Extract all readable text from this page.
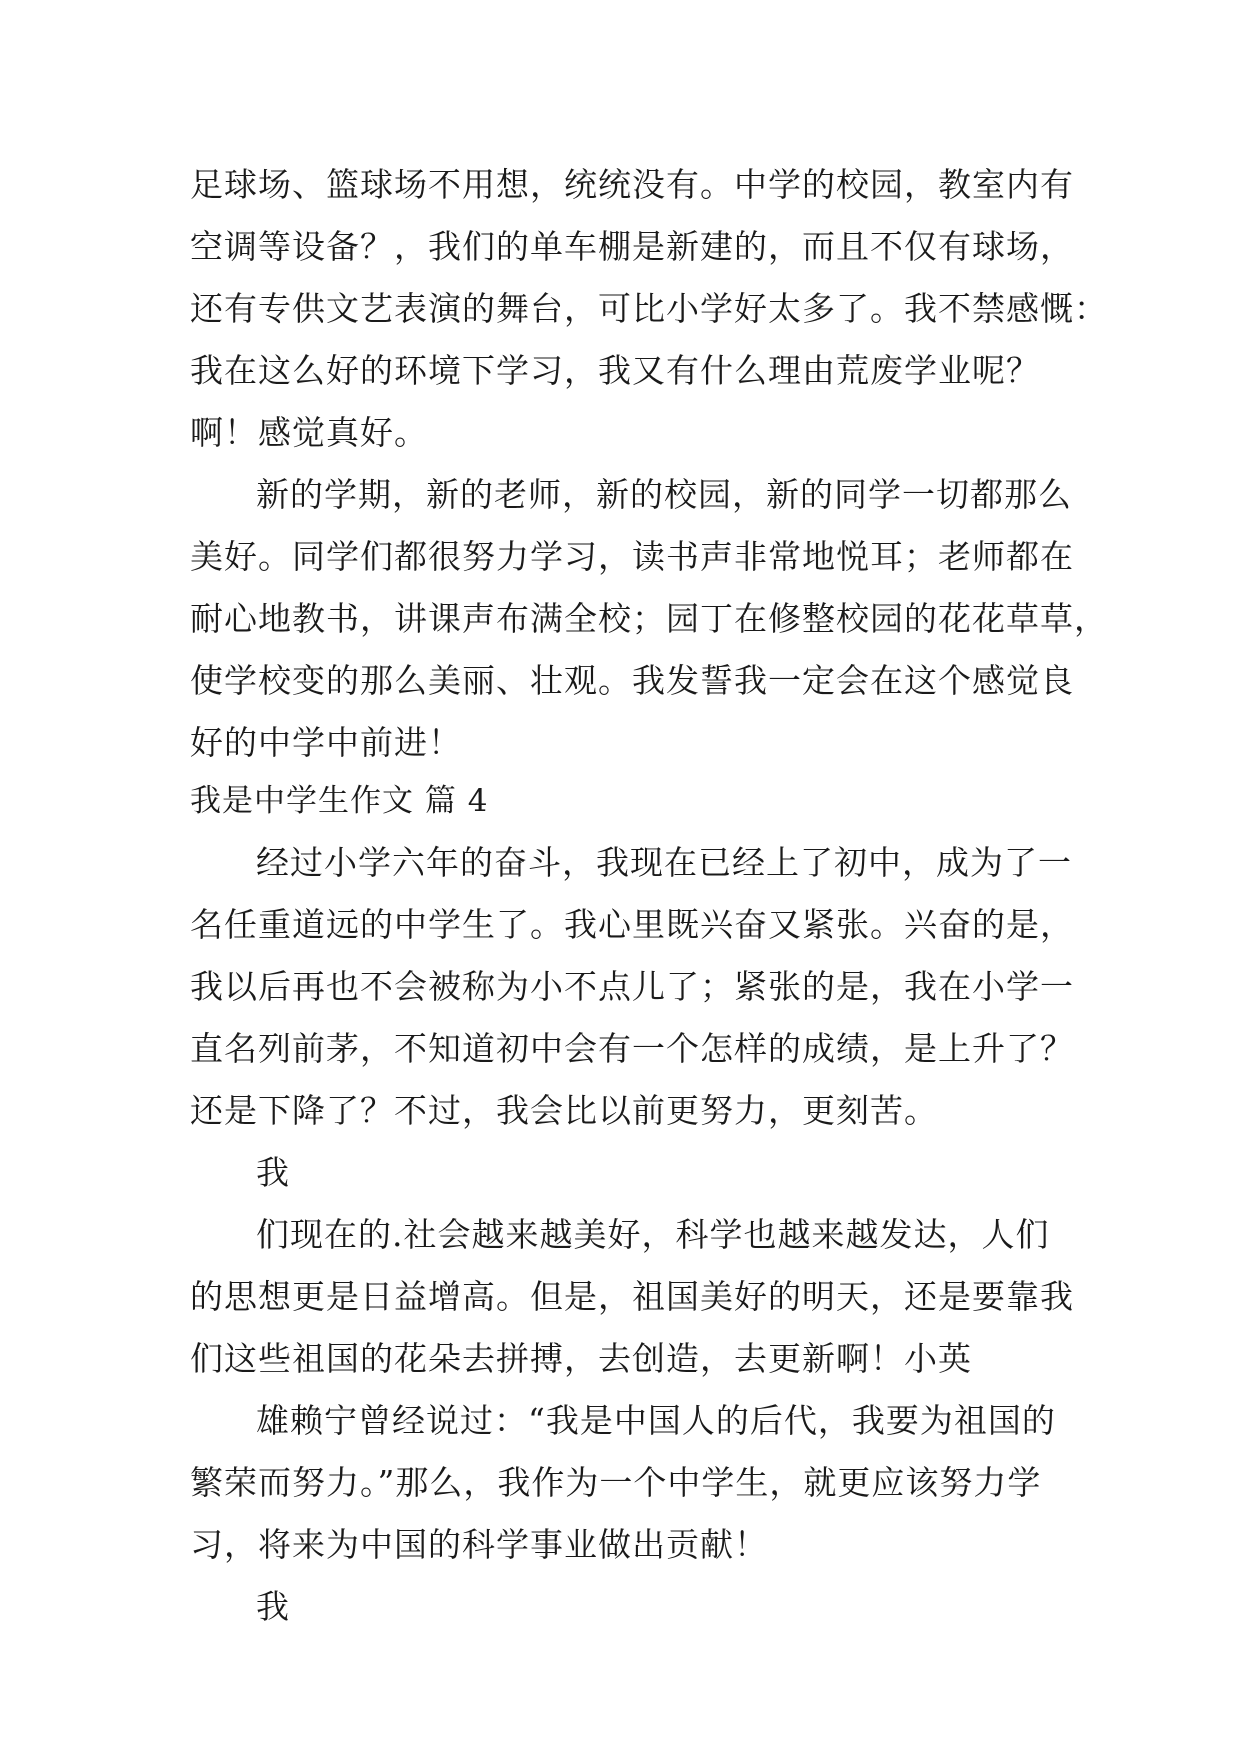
足球场、篮球场不用想，统统没有。中学的校园，教室内有
空调等设备？，我们的单车棚是新建的，而且不仅有球场，
还有专供文艺表演的舞台，可比小学好太多了。我不禁感慨：
我在这么好的环境下学习，我又有什么理由荒废学业呢？
啊！感觉真好。
新的学期，新的老师，新的校园，新的同学一切都那么
美好。同学们都很努力学习，读书声非常地悦耳；老师都在
耐心地教书，讲课声布满全校；园丁在修整校园的花花草草，
使学校变的那么美丽、壮观。我发誓我一定会在这个感觉良
好的中学中前进！
我是中学生作文 篇 4
经过小学六年的奋斗，我现在已经上了初中，成为了一
名任重道远的中学生了。我心里既兴奋又紧张。兴奋的是，
我以后再也不会被称为小不点儿了；紧张的是，我在小学一
直名列前茅，不知道初中会有一个怎样的成绩，是上升了？
还是下降了？不过，我会比以前更努力，更刻苦。
我
们现在的.社会越来越美好，科学也越来越发达，人们
的思想更是日益增高。但是，祖国美好的明天，还是要靠我
们这些祖国的花朵去拼搏，去创造，去更新啊！小英
雄赖宁曾经说过：“我是中国人的后代，我要为祖国的
繁荣而努力。”那么，我作为一个中学生，就更应该努力学
习，将来为中国的科学事业做出贡献！
我
